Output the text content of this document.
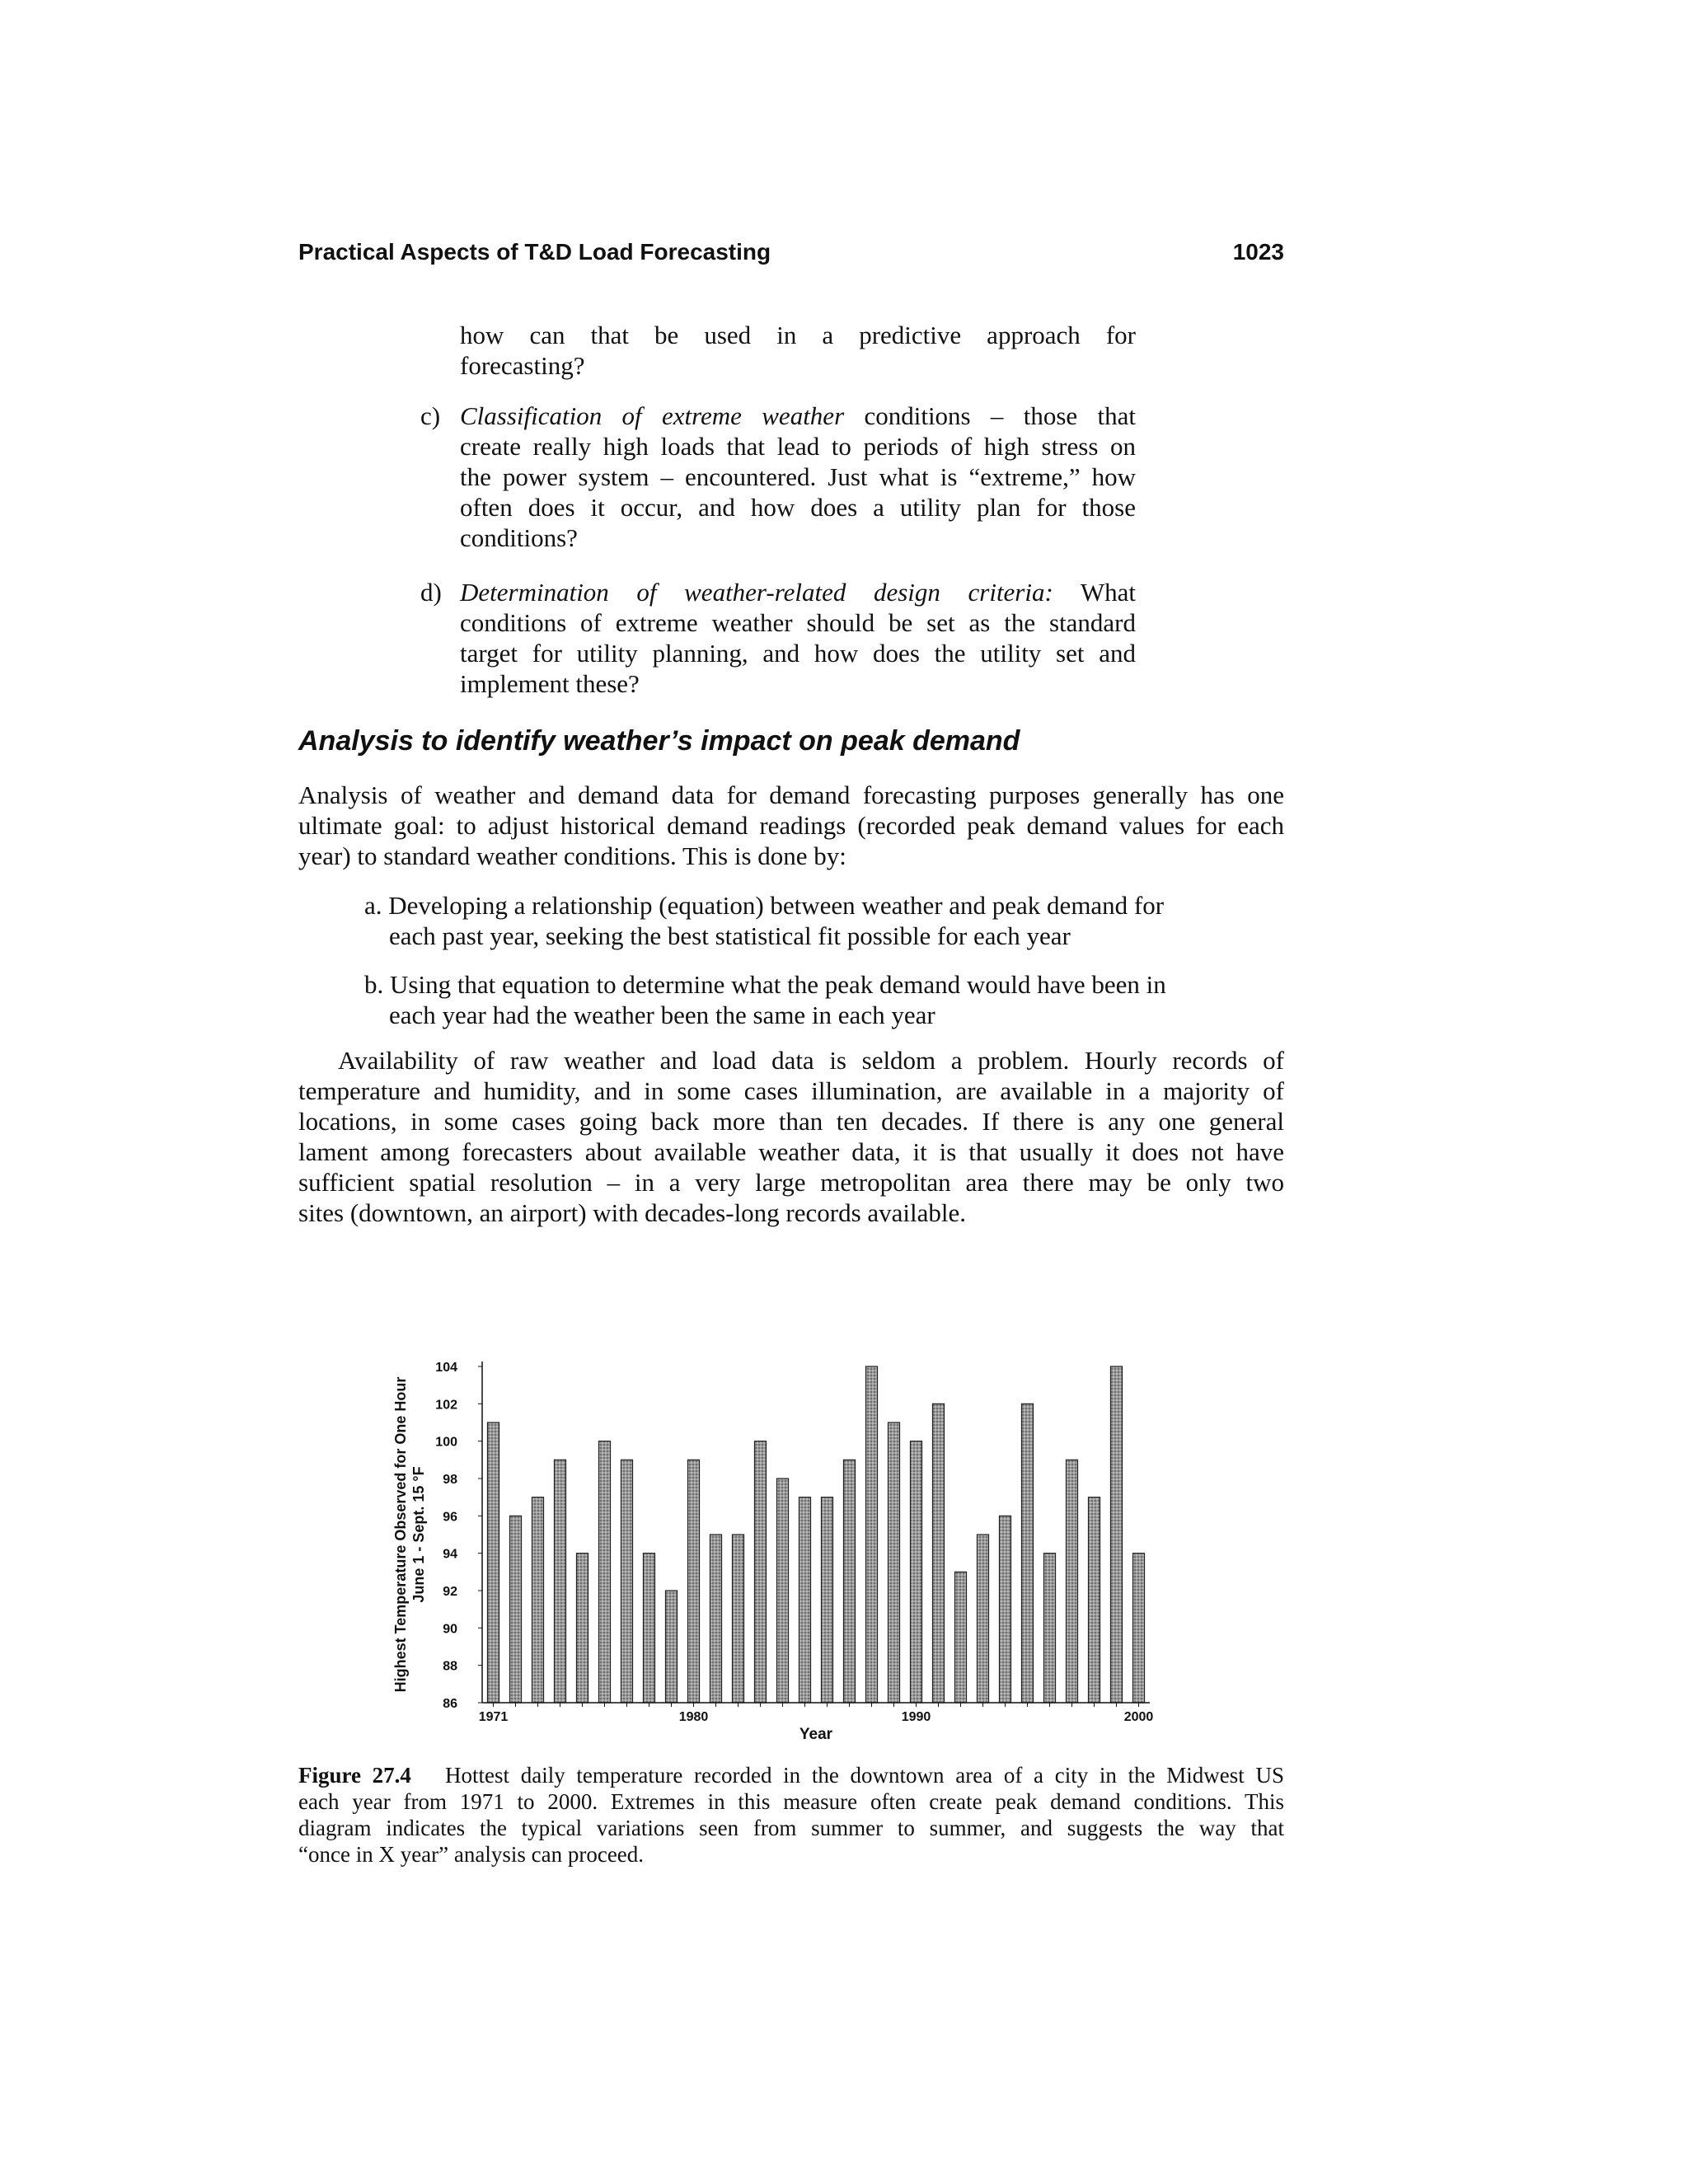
Practical Aspects of T&D Load Forecasting	1023
how can that be used in a predictive approach for
forecasting?
c) Classification of extreme weather conditions – those that
create really high loads that lead to periods of high stress on
the power system – encountered. Just what is “extreme,” how
often does it occur, and how does a utility plan for those
conditions?
d) Determination of weather-related design criteria: What
conditions of extreme weather should be set as the standard
target for utility planning, and how does the utility set and
implement these?
Analysis to identify weather’s impact on peak demand
Analysis of weather and demand data for demand forecasting purposes generally has one
ultimate goal: to adjust historical demand readings (recorded peak demand values for each
year) to standard weather conditions. This is done by:
a. Developing a relationship (equation) between weather and peak demand for
each past year, seeking the best statistical fit possible for each year
b. Using that equation to determine what the peak demand would have been in
each year had the weather been the same in each year
Availability of raw weather and load data is seldom a problem. Hourly records of
temperature and humidity, and in some cases illumination, are available in a majority of
locations, in some cases going back more than ten decades. If there is any one general
lament among forecasters about available weather data, it is that usually it does not have
sufficient spatial resolution – in a very large metropolitan area there may be only two
sites (downtown, an airport) with decades-long records available.
Highest Temperature Observed for One Hour June 1 - Sept. 15 °F
104
102
100
98
96
94
92
90
88
86
1971	1980	1990	2000
Year
Figure 27.4 Hottest daily temperature recorded in the downtown area of a city in the Midwest US
each year from 1971 to 2000. Extremes in this measure often create peak demand conditions. This
diagram indicates the typical variations seen from summer to summer, and suggests the way that
“once in X year” analysis can proceed.
